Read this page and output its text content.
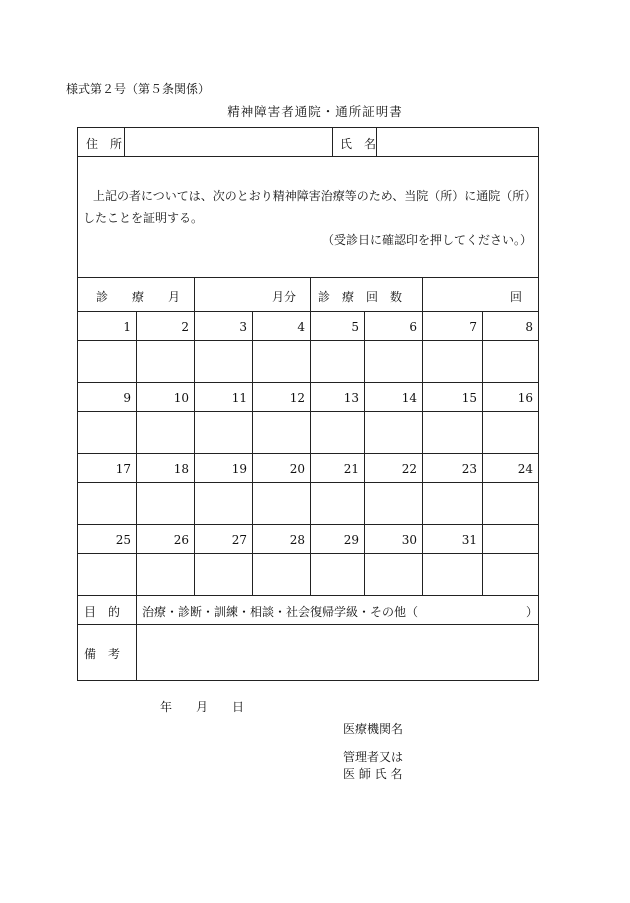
様式第２号（第５条関係）
精神障害者通院・通所証明書
住　所	氏　名
上記の者については、次のとおり精神障害治療等のため、当院（所）に通院（所）
したことを証明する。
（受診日に確認印を押してください。）
診　　療　　月	月分 診　療　回　数	回
1	2	3	4	5	6	7	8
9	10	11	12	13	14	15	16
17	18	19	20	21	22	23	24
25	26	27	28	29	30	31
目　的 治療・診断・訓練・相談・社会復帰学級・その他（　　　　　　　　　）
備　考
年　　月　　日
医療機関名
管理者又は
医 師 氏 名
